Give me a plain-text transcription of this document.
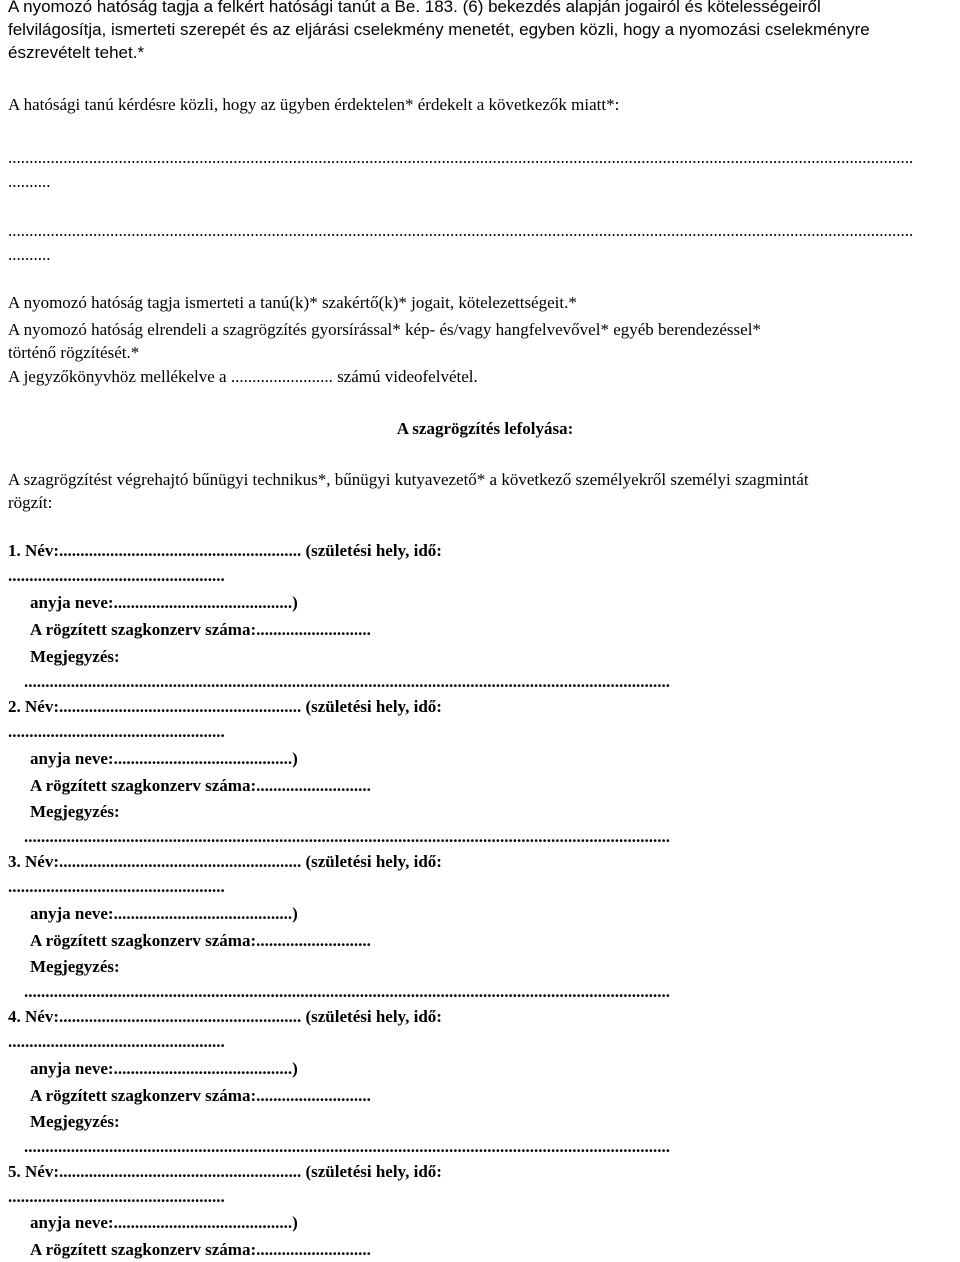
A nyomozó hatóság tagja a felkért hatósági tanút a Be. 183. (6) bekezdés alapján jogairól és kötelességeiről
felvilágosítja, ismerteti szerepét és az eljárási cselekmény menetét, egyben közli, hogy a nyomozási cselekményre
észrevételt tehet.*
A hatósági tanú kérdésre közli, hogy az ügyben érdektelen* érdekelt a következők miatt*:
.....................................................................................................................................................................................................................
..........
.....................................................................................................................................................................................................................
..........
A nyomozó hatóság tagja ismerteti a tanú(k)* szakértő(k)* jogait, kötelezettségeit.*
A nyomozó hatóság elrendeli a szagrögzítés gyorsírással* kép- és/vagy hangfelvevővel* egyéb berendezéssel*
történő rögzítését.*
A jegyzőkönyvhöz mellékelve a ........................ számú videofelvétel.
A szagrögzítés lefolyása:
A szagrögzítést végrehajtó bűnügyi technikus*, bűnügyi kutyavezető* a következő személyekről személyi szagmintát
rögzít:
1. Név:......................................................... (születési hely, idő:
...................................................
anyja neve:..........................................)
A rögzített szagkonzerv száma:...........................
Megjegyzés:
........................................................................................................................................................
2. Név:......................................................... (születési hely, idő:
...................................................
anyja neve:..........................................)
A rögzített szagkonzerv száma:...........................
Megjegyzés:
........................................................................................................................................................
3. Név:......................................................... (születési hely, idő:
...................................................
anyja neve:..........................................)
A rögzített szagkonzerv száma:...........................
Megjegyzés:
........................................................................................................................................................
4. Név:......................................................... (születési hely, idő:
...................................................
anyja neve:..........................................)
A rögzített szagkonzerv száma:...........................
Megjegyzés:
........................................................................................................................................................
5. Név:......................................................... (születési hely, idő:
...................................................
anyja neve:..........................................)
A rögzített szagkonzerv száma:...........................
